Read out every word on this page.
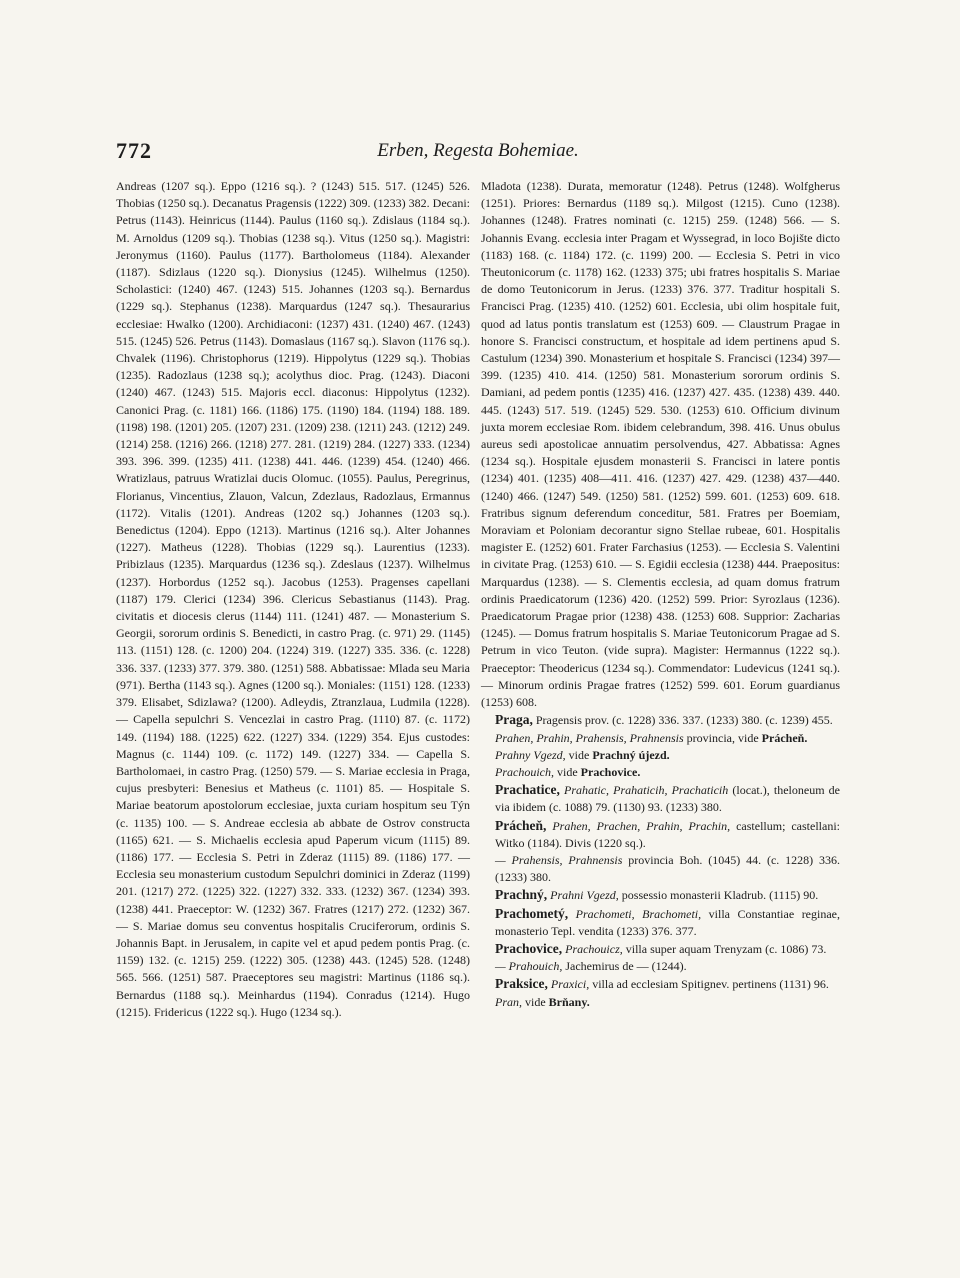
772	Erben, Regesta Bohemiae.

Andreas (1207 sq.). Eppo (1216 sq.). ? (1243) 515. 517. (1245) 526. Thobias (1250 sq.). Decanatus Pragensis (1222) 309. (1233) 382. Decani: Petrus (1143). Heinricus (1144). Paulus (1160 sq.). Zdislaus (1184 sq.). M. Arnoldus (1209 sq.). Thobias (1238 sq.). Vitus (1250 sq.). Magistri: Jeronymus (1160). Paulus (1177). Bartholomeus (1184). Alexander (1187). Sdizlaus (1220 sq.). Dionysius (1245). Wilhelmus (1250). Scholastici: (1240) 467. (1243) 515. Johannes (1203 sq.). Bernardus (1229 sq.). Stephanus (1238). Marquardus (1247 sq.). Thesaurarius ecclesiae: Hwalko (1200). Archidiaconi: (1237) 431. (1240) 467. (1243) 515. (1245) 526. Petrus (1143). Domaslaus (1167 sq.). Slavon (1176 sq.). Chvalek (1196). Christophorus (1219). Hippolytus (1229 sq.). Thobias (1235). Radozlaus (1238 sq.); acolythus dioc. Prag. (1243). Diaconi (1240) 467. (1243) 515. Majoris eccl. diaconus: Hippolytus (1232). Canonici Prag. (c. 1181) 166. (1186) 175. (1190) 184. (1194) 188. 189. (1198) 198. (1201) 205. (1207) 231. (1209) 238. (1211) 243. (1212) 249. (1214) 258. (1216) 266. (1218) 277. 281. (1219) 284. (1227) 333. (1234) 393. 396. 399. (1235) 411. (1238) 441. 446. (1239) 454. (1240) 466. Wratizlaus, patruus Wratizlai ducis Olomuc. (1055). Paulus, Peregrinus, Florianus, Vincentius, Zlauon, Valcun, Zdezlaus, Radozlaus, Ermannus (1172). Vitalis (1201). Andreas (1202 sq.) Johannes (1203 sq.). Benedictus (1204). Eppo (1213). Martinus (1216 sq.). Alter Johannes (1227). Matheus (1228). Thobias (1229 sq.). Laurentius (1233). Pribizlaus (1235). Marquardus (1236 sq.). Zdeslaus (1237). Wilhelmus (1237). Horbordus (1252 sq.). Jacobus (1253). Pragenses capellani (1187) 179. Clerici (1234) 396. Clericus Sebastianus (1143). Prag. civitatis et diocesis clerus (1144) 111. (1241) 487. — Monasterium S. Georgii, sororum ordinis S. Benedicti, in castro Prag. (c. 971) 29. (1145) 113. (1151) 128. (c. 1200) 204. (1224) 319. (1227) 335. 336. (c. 1228) 336. 337. (1233) 377. 379. 380. (1251) 588. Abbatissae: Mlada seu Maria (971). Bertha (1143 sq.). Agnes (1200 sq.). Moniales: (1151) 128. (1233) 379. Elisabet, Sdizlawa? (1200). Adleydis, Ztranzlaua, Ludmila (1228). — Capella sepulchri S. Vencezlai in castro Prag. (1110) 87. (c. 1172) 149. (1194) 188. (1225) 622. (1227) 334. (1229) 354. Ejus custodes: Magnus (c. 1144) 109. (c. 1172) 149. (1227) 334. — Capella S. Bartholomaei, in castro Prag. (1250) 579. — S. Mariae ecclesia in Praga, cujus presbyteri: Benesius et Matheus (c. 1101) 85. — Hospitale S. Mariae beatorum apostolorum ecclesiae, juxta curiam hospitum seu Týn (c. 1135) 100. — S. Andreae ecclesia ab abbate de Ostrov constructa (1165) 621. — S. Michaelis ecclesia apud Paperum vicum (1115) 89. (1186) 177. — Ecclesia S. Petri in Zderaz (1115) 89. (1186) 177. — Ecclesia seu monasterium custodum Sepulchri dominici in Zderaz (1199) 201. (1217) 272. (1225) 322. (1227) 332. 333. (1232) 367. (1234) 393. (1238) 441. Praeceptor: W. (1232) 367. Fratres (1217) 272. (1232) 367. — S. Mariae domus seu conventus hospitalis Cruciferorum, ordinis S. Johannis Bapt. in Jerusalem, in capite vel et apud pedem pontis Prag. (c. 1159) 132. (c. 1215) 259. (1222) 305. (1238) 443. (1245) 528. (1248) 565. 566. (1251) 587. Praeceptores seu magistri: Martinus (1186 sq.). Bernardus (1188 sq.). Meinhardus (1194). Conradus (1214). Hugo (1215). Fridericus (1222 sq.). Hugo (1234 sq.).

Mladota (1238). Durata, memoratur (1248). Petrus (1248). Wolfgherus (1251). Priores: Bernardus (1189 sq.). Milgost (1215). Cuno (1238). Johannes (1248). Fratres nominati (c. 1215) 259. (1248) 566. — S. Johannis Evang. ecclesia inter Pragam et Wyssegrad, in loco Bojište dicto (1183) 168. (c. 1184) 172. (c. 1199) 200. — Ecclesia S. Petri in vico Theutonicorum (c. 1178) 162. (1233) 375; ubi fratres hospitalis S. Mariae de domo Teutonicorum in Jerus. (1233) 376. 377. Traditur hospitali S. Francisci Prag. (1235) 410. (1252) 601. Ecclesia, ubi olim hospitale fuit, quod ad latus pontis translatum est (1253) 609. — Claustrum Pragae in honore S. Francisci constructum, et hospitale ad idem pertinens apud S. Castulum (1234) 390. Monasterium et hospitale S. Francisci (1234) 397—399. (1235) 410. 414. (1250) 581. Monasterium sororum ordinis S. Damiani, ad pedem pontis (1235) 416. (1237) 427. 435. (1238) 439. 440. 445. (1243) 517. 519. (1245) 529. 530. (1253) 610. Officium divinum juxta morem ecclesiae Rom. ibidem celebrandum, 398. 416. Unus obulus aureus sedi apostolicae annuatim persolvendus, 427. Abbatissa: Agnes (1234 sq.). Hospitale ejusdem monasterii S. Francisci in latere pontis (1234) 401. (1235) 408—411. 416. (1237) 427. 429. (1238) 437—440. (1240) 466. (1247) 549. (1250) 581. (1252) 599. 601. (1253) 609. 618. Fratribus signum deferendum conceditur, 581. Fratres per Boemiam, Moraviam et Poloniam decorantur signo Stellae rubeae, 601. Hospitalis magister E. (1252) 601. Frater Farchasius (1253). — Ecclesia S. Valentini in civitate Prag. (1253) 610. — S. Egidii ecclesia (1238) 444. Praepositus: Marquardus (1238). — S. Clementis ecclesia, ad quam domus fratrum ordinis Praedicatorum (1236) 420. (1252) 599. Prior: Syrozlaus (1236). Praedicatorum Pragae prior (1238) 438. (1253) 608. Supprior: Zacharias (1245). — Domus fratrum hospitalis S. Mariae Teutonicorum Pragae ad S. Petrum in vico Teuton. (vide supra). Magister: Hermannus (1222 sq.). Praeceptor: Theodericus (1234 sq.). Commendator: Ludevicus (1241 sq.). — Minorum ordinis Pragae fratres (1252) 599. 601. Eorum guardianus (1253) 608.

Praga, Pragensis prov. (c. 1228) 336. 337. (1233) 380. (c. 1239) 455.

Prahen, Prahin, Prahensis, Prahnensis provincia, vide Prácheň.

Prahny Vgezd, vide Prachný újezd.

Prachouich, vide Prachovice.

Prachatice, Prahatic, Prahaticih, Prachaticih (locat.), theloneum de via ibidem (c. 1088) 79. (1130) 93. (1233) 380.

Prácheň, Prahen, Prachen, Prahin, Prachin, castellum; castellani: Witko (1184). Divis (1220 sq.).

— Prahensis, Prahnensis provincia Boh. (1045) 44. (c. 1228) 336. (1233) 380.

Prachný, Prahni Vgezd, possessio monasterii Kladrub. (1115) 90.

Prachometý, Prachometi, Brachometi, villa Constantiae reginae, monasterio Tepl. vendita (1233) 376. 377.

Prachovice, Prachouicz, villa super aquam Trenyzam (c. 1086) 73.

— Prahouich, Jachemirus de — (1244).

Praksice, Praxici, villa ad ecclesiam Spitignev. pertinens (1131) 96.

Pran, vide Brňany.
